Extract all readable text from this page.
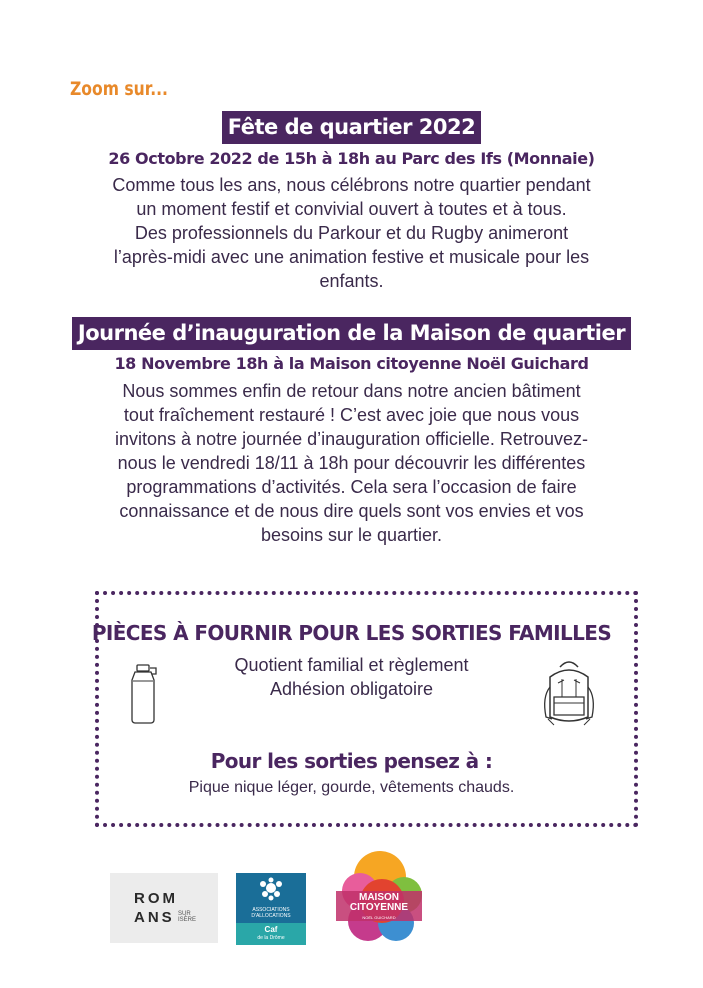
Zoom sur...
Fête de quartier 2022
26 Octobre 2022 de 15h à 18h au Parc des Ifs (Monnaie)
Comme tous les ans, nous célébrons notre quartier pendant
un moment festif et convivial ouvert à toutes et à tous.
Des professionnels du Parkour et du Rugby animeront
l’après-midi avec une animation festive et musicale pour les
enfants.
Journée d’inauguration de la Maison de quartier
18 Novembre 18h à la Maison citoyenne Noël Guichard
Nous sommes enfin de retour dans notre ancien bâtiment
tout fraîchement restauré ! C’est avec joie que nous vous
invitons à notre journée d’inauguration officielle. Retrouvez-
nous le vendredi 18/11 à 18h pour découvrir les différentes
programmations d’activités. Cela sera l’occasion de faire
connaissance et de nous dire quels sont vos envies et vos
besoins sur le quartier.
PIÈCES À FOURNIR POUR LES SORTIES FAMILLES
Quotient familial et règlement
Adhésion obligatoire
Pour les sorties pensez à :
Pique nique léger, gourde, vêtements chauds.
ROM
ANS SUR
ISÈRE
ASSOCIATIONS
D'ALLOCATIONS
Caf
de la Drôme
MAISON
CITOYENNE
NOËL GUICHARD
